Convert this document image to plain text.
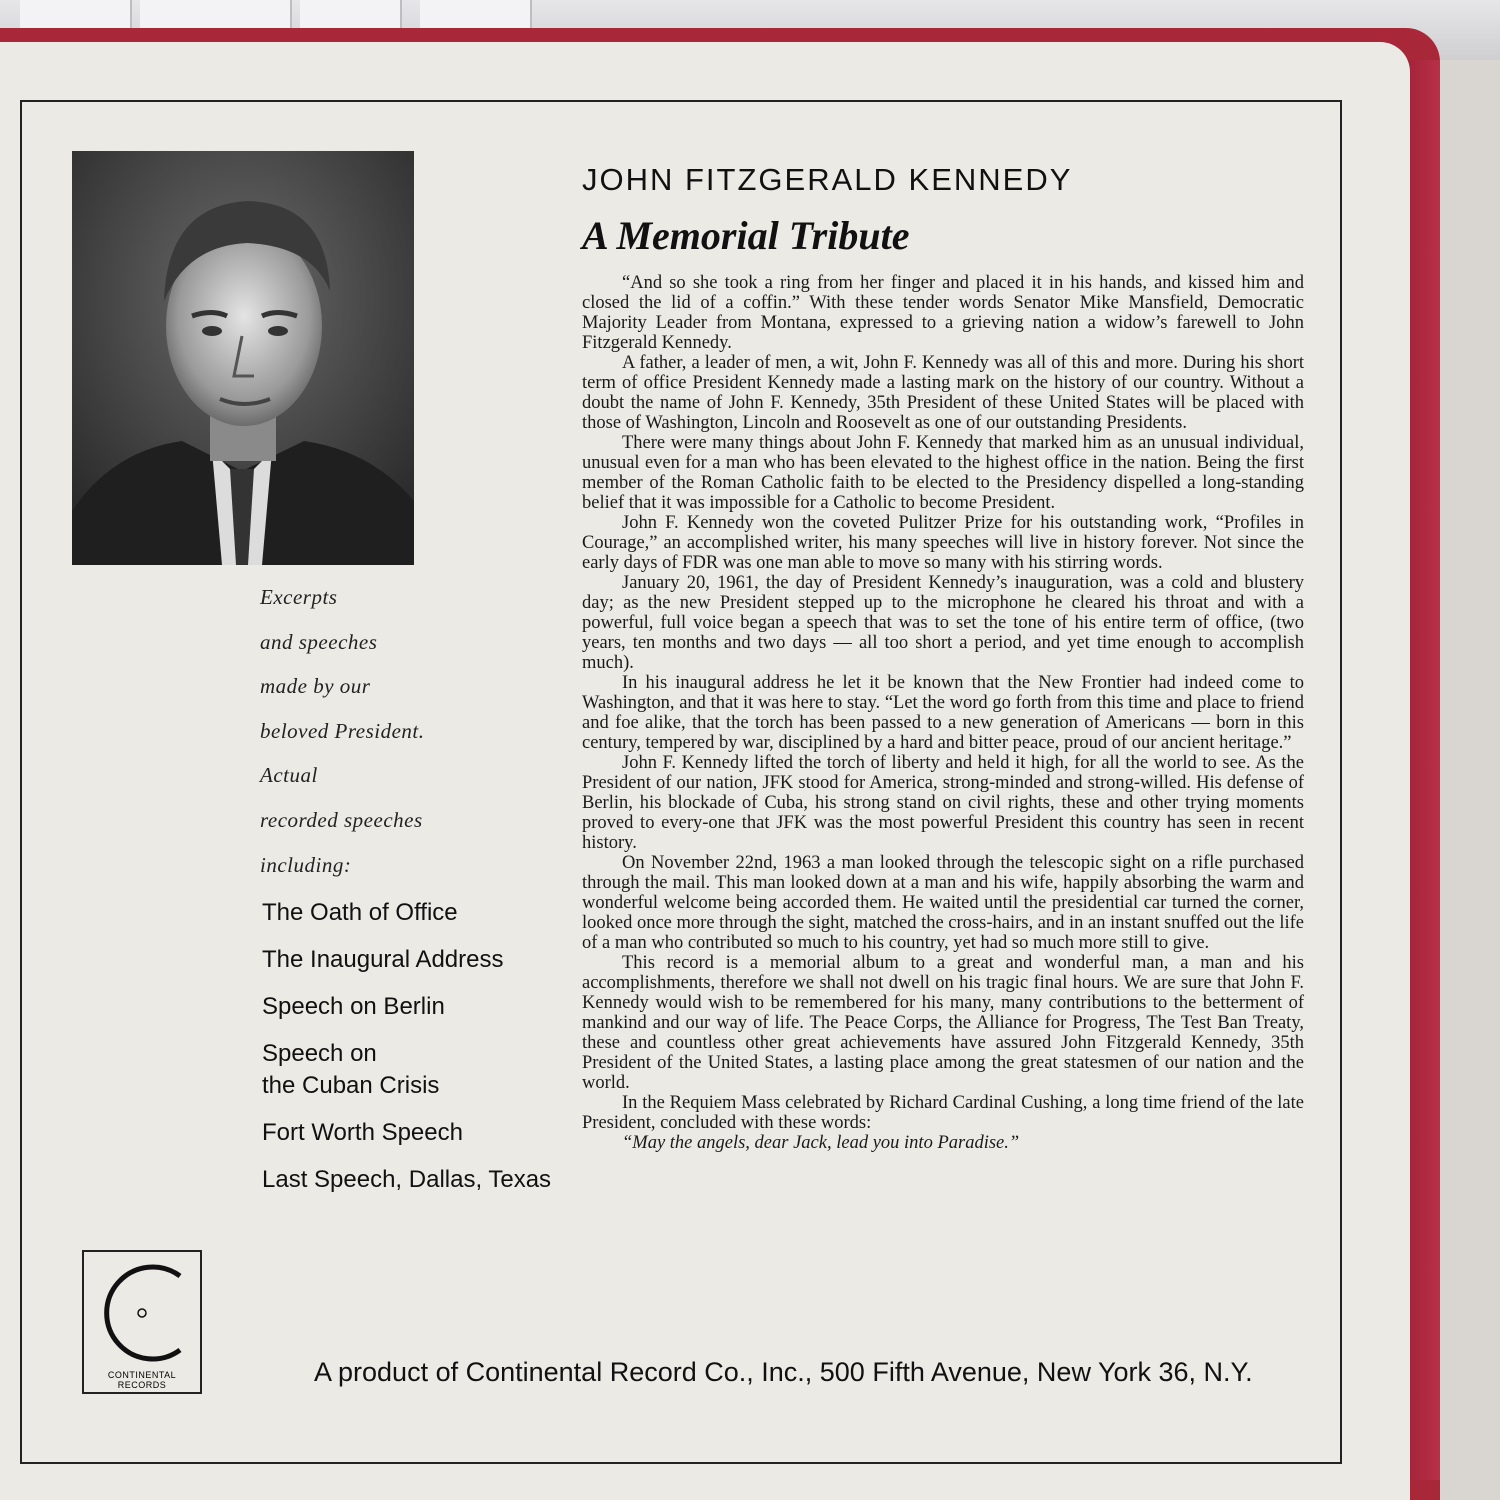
Excerpts
and speeches
made by our
beloved President.
Actual
recorded speeches
including:
The Oath of Office
The Inaugural Address
Speech on Berlin
Speech on
the Cuban Crisis
Fort Worth Speech
Last Speech, Dallas, Texas
JOHN FITZGERALD KENNEDY
A Memorial Tribute

“And so she took a ring from her finger and placed it in his hands, and kissed him and closed the lid of a coffin.” With these tender words Senator Mike Mansfield, Democratic Majority Leader from Montana, expressed to a grieving nation a widow’s farewell to John Fitzgerald Kennedy.

A father, a leader of men, a wit, John F. Kennedy was all of this and more. During his short term of office President Kennedy made a lasting mark on the history of our country. Without a doubt the name of John F. Kennedy, 35th President of these United States will be placed with those of Washington, Lincoln and Roosevelt as one of our outstanding Presidents.

There were many things about John F. Kennedy that marked him as an unusual individual, unusual even for a man who has been elevated to the highest office in the nation. Being the first member of the Roman Catholic faith to be elected to the Presidency dispelled a long-standing belief that it was impossible for a Catholic to become President.

John F. Kennedy won the coveted Pulitzer Prize for his outstanding work, “Profiles in Courage,” an accomplished writer, his many speeches will live in history forever. Not since the early days of FDR was one man able to move so many with his stirring words.

January 20, 1961, the day of President Kennedy’s inauguration, was a cold and blustery day; as the new President stepped up to the microphone he cleared his throat and with a powerful, full voice began a speech that was to set the tone of his entire term of office, (two years, ten months and two days — all too short a period, and yet time enough to accomplish much).

In his inaugural address he let it be known that the New Frontier had indeed come to Washington, and that it was here to stay. “Let the word go forth from this time and place to friend and foe alike, that the torch has been passed to a new generation of Americans — born in this century, tempered by war, disciplined by a hard and bitter peace, proud of our ancient heritage.”

John F. Kennedy lifted the torch of liberty and held it high, for all the world to see. As the President of our nation, JFK stood for America, strong-minded and strong-willed. His defense of Berlin, his blockade of Cuba, his strong stand on civil rights, these and other trying moments proved to every-one that JFK was the most powerful President this country has seen in recent history.

On November 22nd, 1963 a man looked through the telescopic sight on a rifle purchased through the mail. This man looked down at a man and his wife, happily absorbing the warm and wonderful welcome being accorded them. He waited until the presidential car turned the corner, looked once more through the sight, matched the cross-hairs, and in an instant snuffed out the life of a man who contributed so much to his country, yet had so much more still to give.

This record is a memorial album to a great and wonderful man, a man and his accomplishments, therefore we shall not dwell on his tragic final hours. We are sure that John F. Kennedy would wish to be remembered for his many, many contributions to the betterment of mankind and our way of life. The Peace Corps, the Alliance for Progress, The Test Ban Treaty, these and countless other great achievements have assured John Fitzgerald Kennedy, 35th President of the United States, a lasting place among the great statesmen of our nation and the world.

In the Requiem Mass celebrated by Richard Cardinal Cushing, a long time friend of the late President, concluded with these words:

“May the angels, dear Jack, lead you into Paradise.”

CONTINENTAL RECORDS	A product of Continental Record Co., Inc., 500 Fifth Avenue, New York 36, N.Y.
